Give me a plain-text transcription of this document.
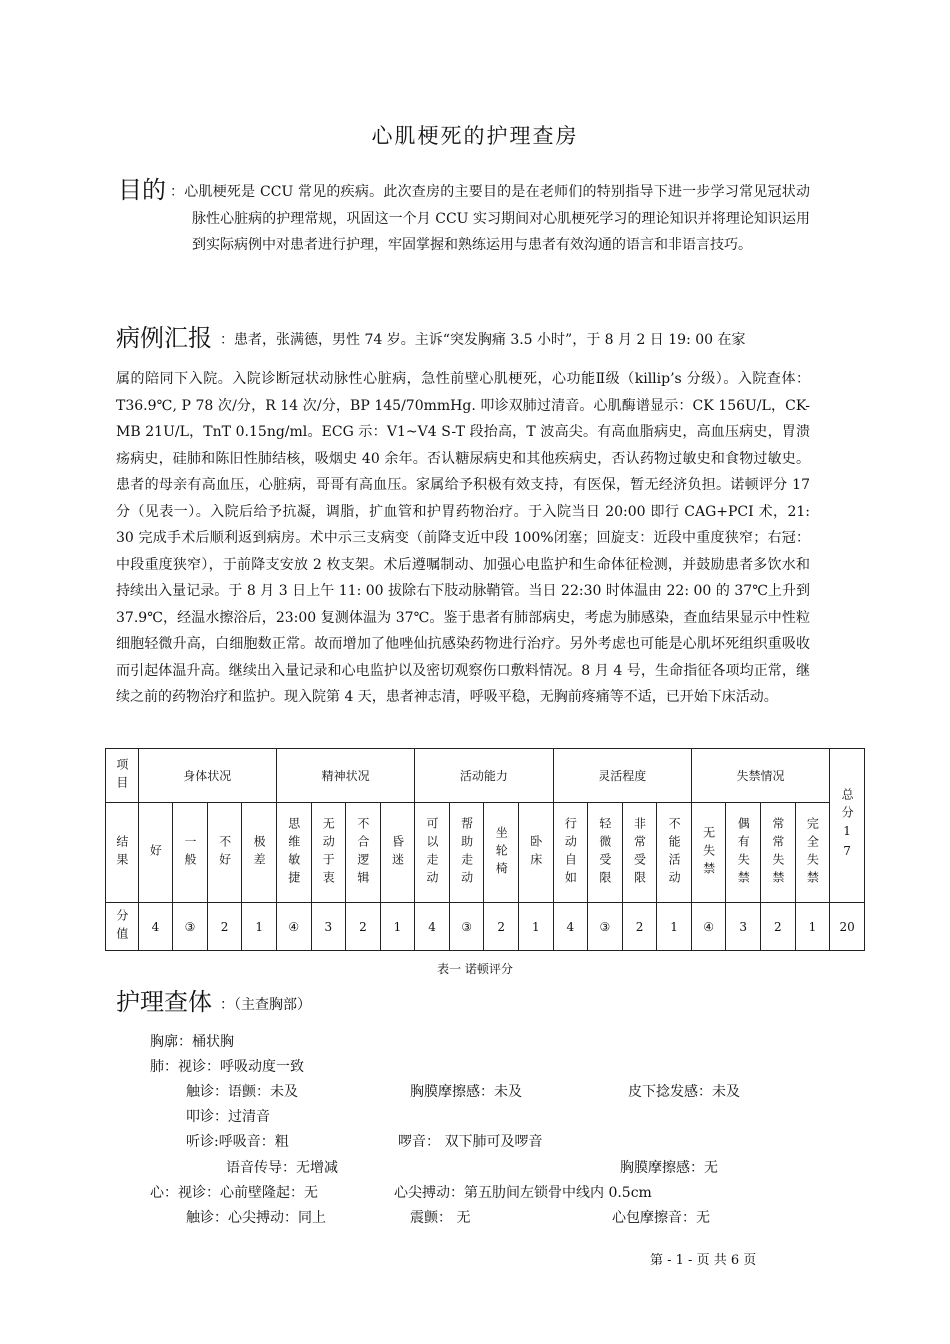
心肌梗死的护理查房
目的 ：心肌梗死是 CCU 常见的疾病。此次查房的主要目的是在老师们的特别指导下进一步学习常见冠状动脉性心脏病的护理常规，巩固这一个月 CCU 实习期间对心肌梗死学习的理论知识并将理论知识运用到实际病例中对患者进行护理，牢固掌握和熟练运用与患者有效沟通的语言和非语言技巧。
病例汇报 ：患者，张满德，男性 74 岁。主诉“突发胸痛 3.5 小时”，于 8 月 2 日 19: 00 在家
属的陪同下入院。入院诊断冠状动脉性心脏病，急性前壁心肌梗死，心功能Ⅱ级（killip’s 分级）。入院查体：T36.9℃, P 78 次/分，R 14 次/分，BP 145/70mmHg. 叩诊双肺过清音。心肌酶谱显示：CK 156U/L，CK-MB 21U/L，TnT 0.15ng/ml。ECG 示：V1~V4 S-T 段抬高，T 波高尖。有高血脂病史，高血压病史，胃溃疡病史，硅肺和陈旧性肺结核，吸烟史 40 余年。否认糖尿病史和其他疾病史，否认药物过敏史和食物过敏史。患者的母亲有高血压，心脏病，哥哥有高血压。家属给予积极有效支持，有医保，暂无经济负担。诺顿评分 17 分（见表一）。入院后给予抗凝，调脂，扩血管和护胃药物治疗。于入院当日 20:00 即行 CAG+PCI 术，21: 30 完成手术后顺利返到病房。术中示三支病变（前降支近中段 100%闭塞；回旋支：近段中重度狭窄；右冠：中段重度狭窄），于前降支安放 2 枚支架。术后遵嘱制动、加强心电监护和生命体征检测，并鼓励患者多饮水和持续出入量记录。于 8 月 3 日上午 11: 00 拔除右下肢动脉鞘管。当日 22:30 时体温由 22: 00 的 37℃上升到 37.9℃，经温水擦浴后，23:00 复测体温为 37℃。鉴于患者有肺部病史，考虑为肺感染，查血结果显示中性粒细胞轻微升高，白细胞数正常。故而增加了他唑仙抗感染药物进行治疗。另外考虑也可能是心肌坏死组织重吸收而引起体温升高。继续出入量记录和心电监护以及密切观察伤口敷料情况。8 月 4 号，生命指征各项均正常，继续之前的药物治疗和监护。现入院第 4 天，患者神志清，呼吸平稳，无胸前疼痛等不适，已开始下床活动。
项目	身体状况				精神状况				活动能力				灵活程度				失禁情况				总分17

结果	好	一般	不好	极差	思维敏捷	无动于衷	不合逻辑	昏迷	可以走动	帮助走动	坐轮椅	卧床	行动自如	轻微受限	非常受限	不能活动	无失禁	偶有失禁	常常失禁	完全失禁	

分值	4	③	2	1	④	3	2	1	4	③	2	1	4	③	2	1	④	3	2	1	20
表一 诺顿评分
护理查体 ：（主查胸部）
胸廓：桶状胸
肺：视诊：呼吸动度一致
触诊：语颤：未及	胸膜摩擦感：未及	皮下捻发感：未及
叩诊：过清音
听诊:呼吸音：粗	啰音： 双下肺可及啰音
语音传导：无增减	胸膜摩擦感：无
心：视诊：心前壁隆起：无	心尖搏动：第五肋间左锁骨中线内 0.5cm
触诊：心尖搏动：同上	震颤： 无	心包摩擦音：无
第 - 1 - 页 共 6 页
